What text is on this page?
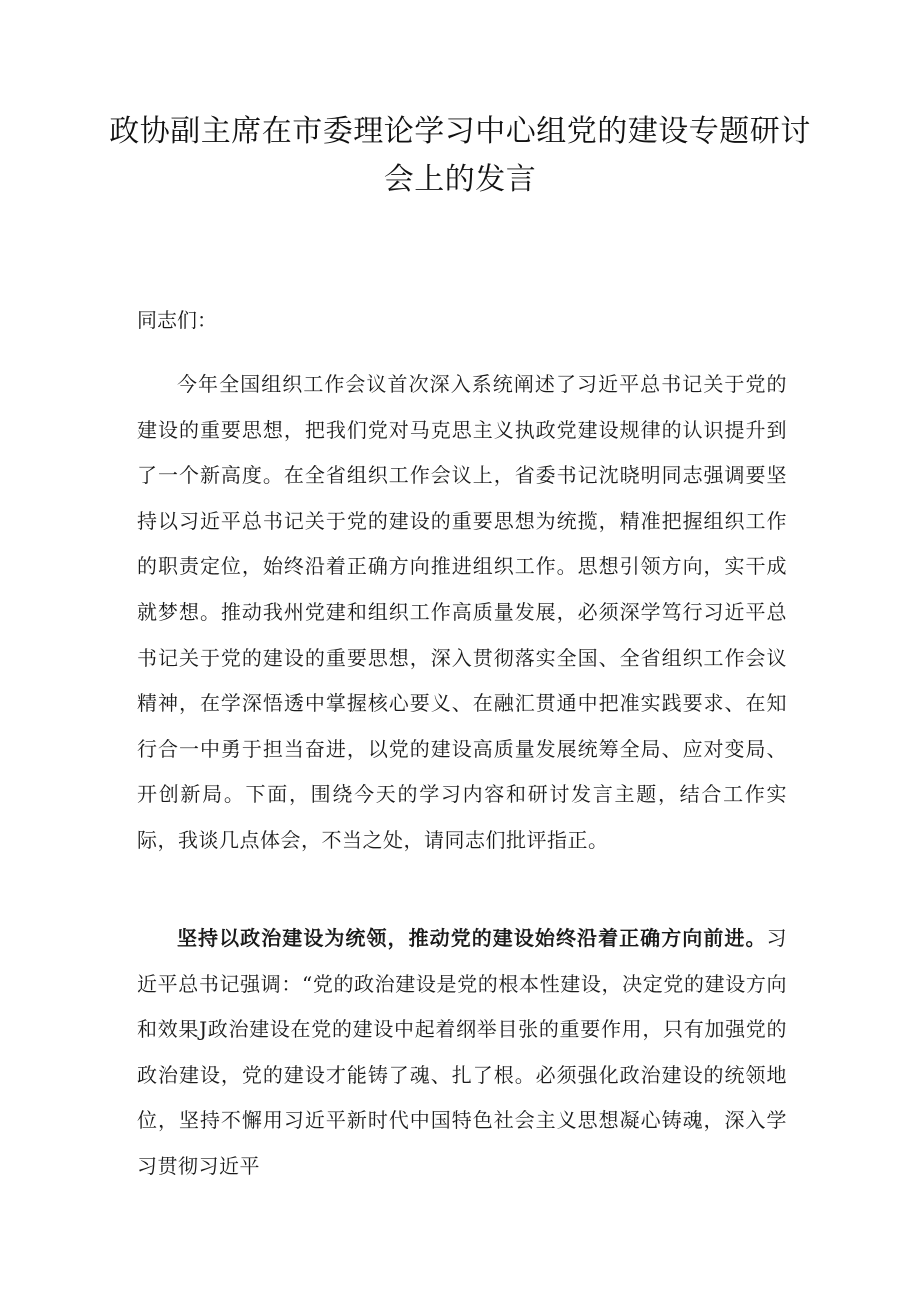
政协副主席在市委理论学习中心组党的建设专题研讨
会上的发言

同志们：

今年全国组织工作会议首次深入系统阐述了习近平总书记关于党的建设的重要思想，把我们党对马克思主义执政党建设规律的认识提升到了一个新高度。在全省组织工作会议上，省委书记沈晓明同志强调要坚持以习近平总书记关于党的建设的重要思想为统揽，精准把握组织工作的职责定位，始终沿着正确方向推进组织工作。思想引领方向，实干成就梦想。推动我州党建和组织工作高质量发展，必须深学笃行习近平总书记关于党的建设的重要思想，深入贯彻落实全国、全省组织工作会议精神，在学深悟透中掌握核心要义、在融汇贯通中把准实践要求、在知行合一中勇于担当奋进，以党的建设高质量发展统筹全局、应对变局、开创新局。下面，围绕今天的学习内容和研讨发言主题，结合工作实际，我谈几点体会，不当之处，请同志们批评指正。

坚持以政治建设为统领，推动党的建设始终沿着正确方向前进。习近平总书记强调：“党的政治建设是党的根本性建设，决定党的建设方向和效果J政治建设在党的建设中起着纲举目张的重要作用，只有加强党的政治建设，党的建设才能铸了魂、扎了根。必须强化政治建设的统领地位，坚持不懈用习近平新时代中国特色社会主义思想凝心铸魂，深入学习贯彻习近平
